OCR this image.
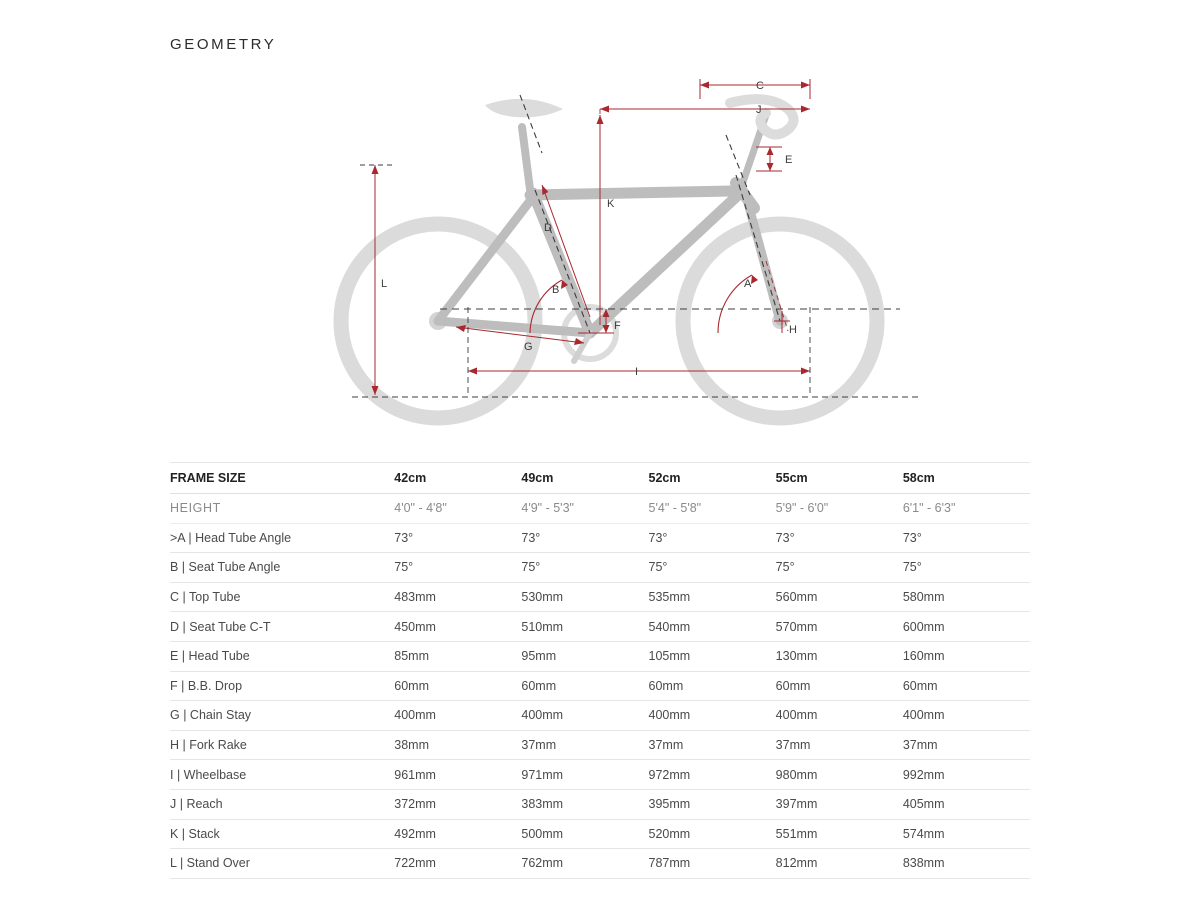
GEOMETRY
C
J
E
K
D
B	A
F
G
H
I
L
FRAME SIZE	42cm	49cm	52cm	55cm	58cm
HEIGHT	4'0" - 4'8"	4'9" - 5'3"	5'4" - 5'8"	5'9" - 6'0"	6'1" - 6'3"
>A | Head Tube Angle	73°	73°	73°	73°	73°
B | Seat Tube Angle	75°	75°	75°	75°	75°
C | Top Tube	483mm	530mm	535mm	560mm	580mm
D | Seat Tube C-T	450mm	510mm	540mm	570mm	600mm
E | Head Tube	85mm	95mm	105mm	130mm	160mm
F | B.B. Drop	60mm	60mm	60mm	60mm	60mm
G | Chain Stay	400mm	400mm	400mm	400mm	400mm
H | Fork Rake	38mm	37mm	37mm	37mm	37mm
I | Wheelbase	961mm	971mm	972mm	980mm	992mm
J | Reach	372mm	383mm	395mm	397mm	405mm
K | Stack	492mm	500mm	520mm	551mm	574mm
L | Stand Over	722mm	762mm	787mm	812mm	838mm
